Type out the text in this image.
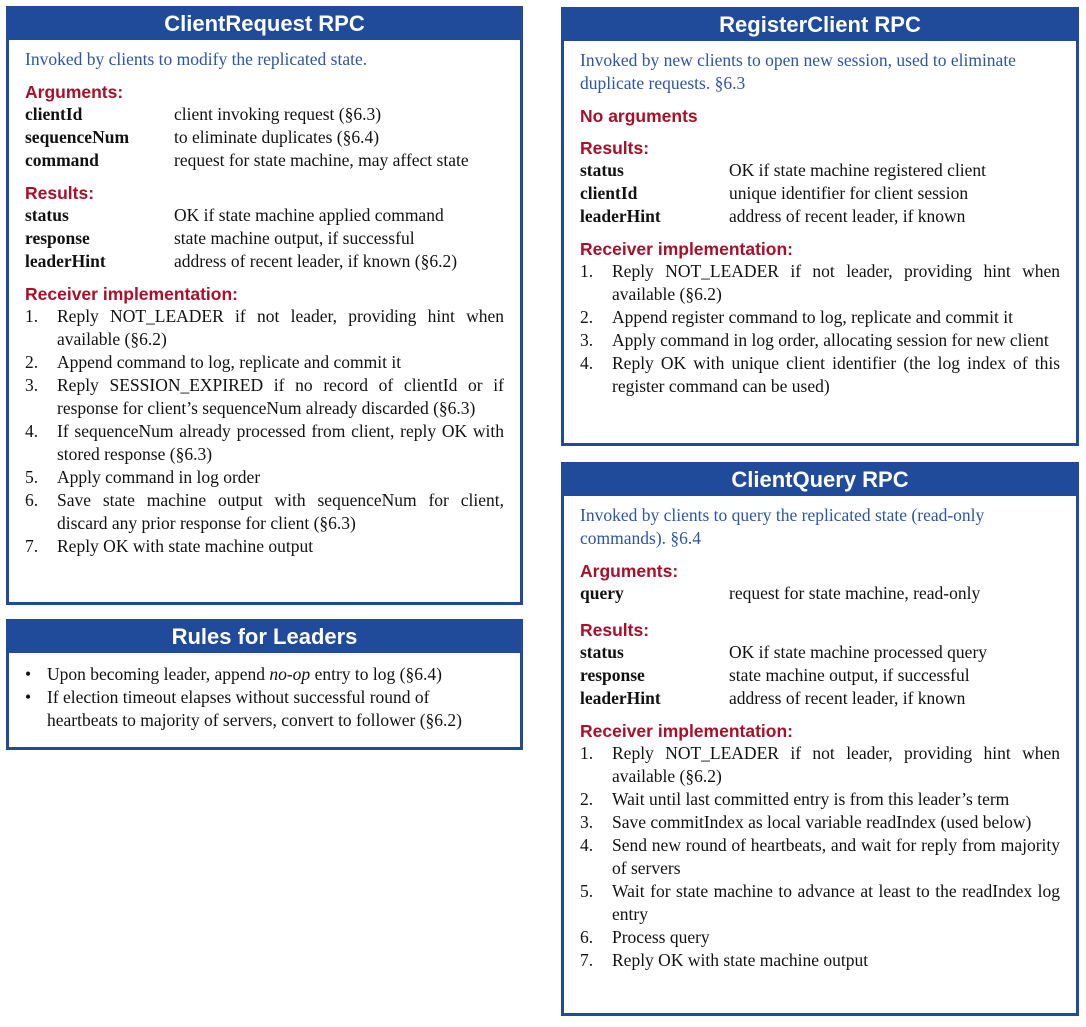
ClientRequest RPC
Invoked by clients to modify the replicated state.
Arguments:
clientId	client invoking request (§6.3)
sequenceNum	to eliminate duplicates (§6.4)
command	request for state machine, may affect state
Results:
status	OK if state machine applied command
response	state machine output, if successful
leaderHint	address of recent leader, if known (§6.2)
Receiver implementation:
1.	Reply NOT_LEADER if not leader, providing hint when available (§6.2)
2.	Append command to log, replicate and commit it
3.	Reply SESSION_EXPIRED if no record of clientId or if response for client’s sequenceNum already discarded (§6.3)
4.	If sequenceNum already processed from client, reply OK with stored response (§6.3)
5.	Apply command in log order
6.	Save state machine output with sequenceNum for client, discard any prior response for client (§6.3)
7.	Reply OK with state machine output
Rules for Leaders
• Upon becoming leader, append no-op entry to log (§6.4)
• If election timeout elapses without successful round of heartbeats to majority of servers, convert to follower (§6.2)
RegisterClient RPC
Invoked by new clients to open new session, used to eliminate duplicate requests. §6.3
No arguments
Results:
status	OK if state machine registered client
clientId	unique identifier for client session
leaderHint	address of recent leader, if known
Receiver implementation:
1.	Reply NOT_LEADER if not leader, providing hint when available (§6.2)
2.	Append register command to log, replicate and commit it
3.	Apply command in log order, allocating session for new client
4.	Reply OK with unique client identifier (the log index of this register command can be used)
ClientQuery RPC
Invoked by clients to query the replicated state (read-only commands). §6.4
Arguments:
query	request for state machine, read-only
Results:
status	OK if state machine processed query
response	state machine output, if successful
leaderHint	address of recent leader, if known
Receiver implementation:
1.	Reply NOT_LEADER if not leader, providing hint when available (§6.2)
2.	Wait until last committed entry is from this leader’s term
3.	Save commitIndex as local variable readIndex (used below)
4.	Send new round of heartbeats, and wait for reply from majority of servers
5.	Wait for state machine to advance at least to the readIndex log entry
6.	Process query
7.	Reply OK with state machine output
